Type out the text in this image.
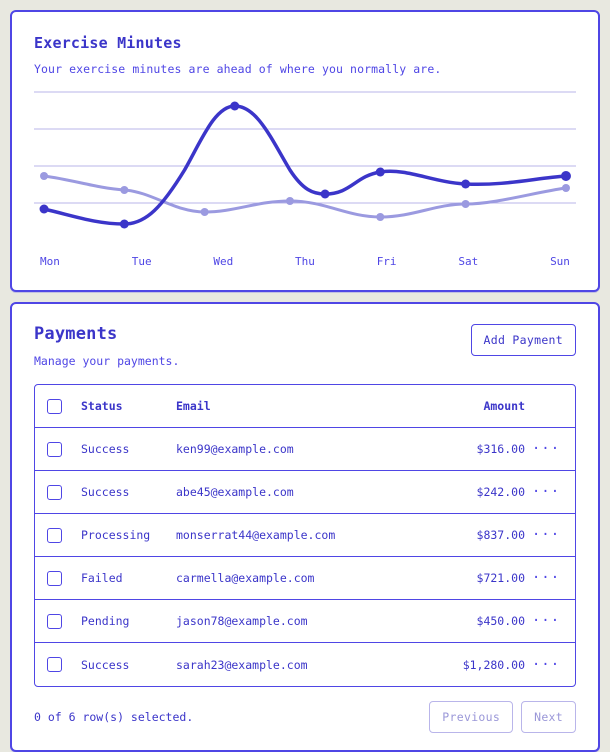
Exercise Minutes
Your exercise minutes are ahead of where you normally are.
Mon	Tue	Wed	Thu	Fri	Sat	Sun
Payments
Manage your payments.
Add Payment
Status	Email	Amount
Success	ken99@example.com	$316.00 ···
Success	abe45@example.com	$242.00 ···
Processing	monserrat44@example.com	$837.00 ···
Failed	carmella@example.com	$721.00 ···
Pending	jason78@example.com	$450.00 ···
Success	sarah23@example.com	$1,280.00 ···
0 of 6 row(s) selected.	Previous	Next
